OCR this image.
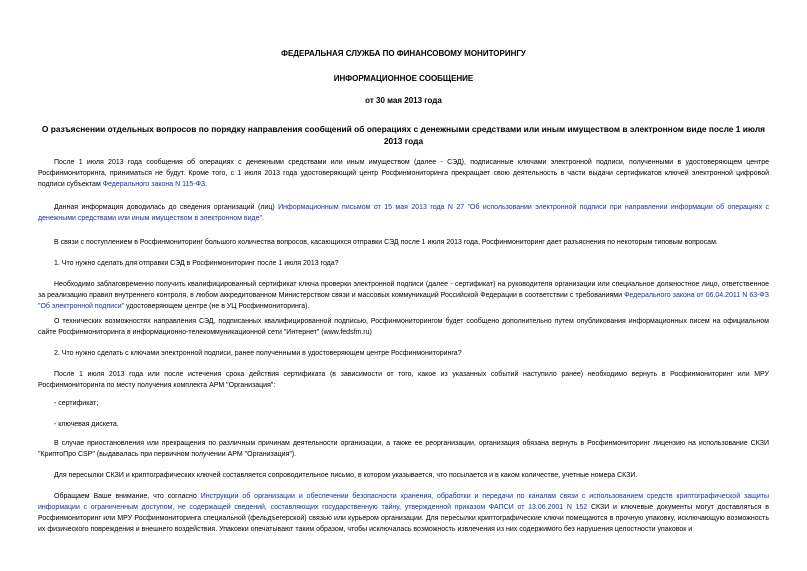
ФЕДЕРАЛЬНАЯ СЛУЖБА ПО ФИНАНСОВОМУ МОНИТОРИНГУ
ИНФОРМАЦИОННОЕ СООБЩЕНИЕ
от 30 мая 2013 года
О разъяснении отдельных вопросов по порядку направления сообщений об операциях с денежными средствами или иным имуществом в электронном виде после 1 июля 2013 года

После 1 июля 2013 года сообщения об операциях с денежными средствами или иным имуществом (далее - СЭД), подписанные ключами электронной подписи, полученными в удостоверяющем центре Росфинмониторинга, приниматься не будут. Кроме того, с 1 июля 2013 года удостоверяющий центр Росфинмониторинга прекращает свою деятельность в части выдачи сертификатов ключей электронной цифровой подписи субъектам Федерального закона N 115-ФЗ.

Данная информация доводилась до сведения организаций (лиц) Информационным письмом от 15 мая 2013 года N 27 "Об использовании электронной подписи при направлении информации об операциях с денежными средствами или иным имуществом в электронном виде".

В связи с поступлением в Росфинмониторинг большого количества вопросов, касающихся отправки СЭД после 1 июля 2013 года, Росфинмониторинг дает разъяснения по некоторым типовым вопросам.

1. Что нужно сделать для отправки СЭД в Росфинмониторинг после 1 июля 2013 года?

Необходимо заблаговременно получить квалифицированный сертификат ключа проверки электронной подписи (далее - сертификат) на руководителя организации или специальное должностное лицо, ответственное за реализацию правил внутреннего контроля, в любом аккредитованном Министерством связи и массовых коммуникаций Российской Федерации в соответствии с требованиями Федерального закона от 06.04.2011 N 63-ФЗ "Об электронной подписи" удостоверяющем центре (не в УЦ Росфинмониторинга).

О технических возможностях направления СЭД, подписанных квалифицированной подписью, Росфинмониторингом будет сообщено дополнительно путем опубликования информационных писем на официальном сайте Росфинмониторинга в информационно-телекоммуникационной сети "Интернет" (www.fedsfm.ru)

2. Что нужно сделать с ключами электронной подписи, ранее полученными в удостоверяющем центре Росфинмониторинга?

После 1 июля 2013 года или после истечения срока действия сертификата (в зависимости от того, какое из указанных событий наступило ранее) необходимо вернуть в Росфинмониторинг или МРУ Росфинмониторинга по месту получения комплекта АРМ "Организация":

- сертификат;

- ключевая дискета.

В случае приостановления или прекращения по различным причинам деятельности организации, а также ее реорганизации, организация обязана вернуть в Росфинмониторинг лицензию на использование СКЗИ "КриптоПро CSP" (выдавалась при первичном получении АРМ "Организация").

Для пересылки СКЗИ и криптографических ключей составляется сопроводительное письмо, в котором указывается, что посылается и в каком количестве, учетные номера СКЗИ.

Обращаем Ваше внимание, что согласно Инструкции об организации и обеспечении безопасности хранения, обработки и передачи по каналам связи с использованием средств криптографической защиты информации с ограниченным доступом, не содержащей сведений, составляющих государственную тайну, утвержденной приказом ФАПСИ от 13.06.2001 N 152 СКЗИ и ключевые документы могут доставляться в Росфинмониторинг или МРУ Росфинмониторинга специальной (фельдъегерской) связью или курьером организации. Для пересылки криптографические ключи помещаются в прочную упаковку, исключающую возможность их физического повреждения и внешнего воздействия. Упаковки опечатывают таким образом, чтобы исключалась возможность извлечения из них содержимого без нарушения целостности упаковок и
